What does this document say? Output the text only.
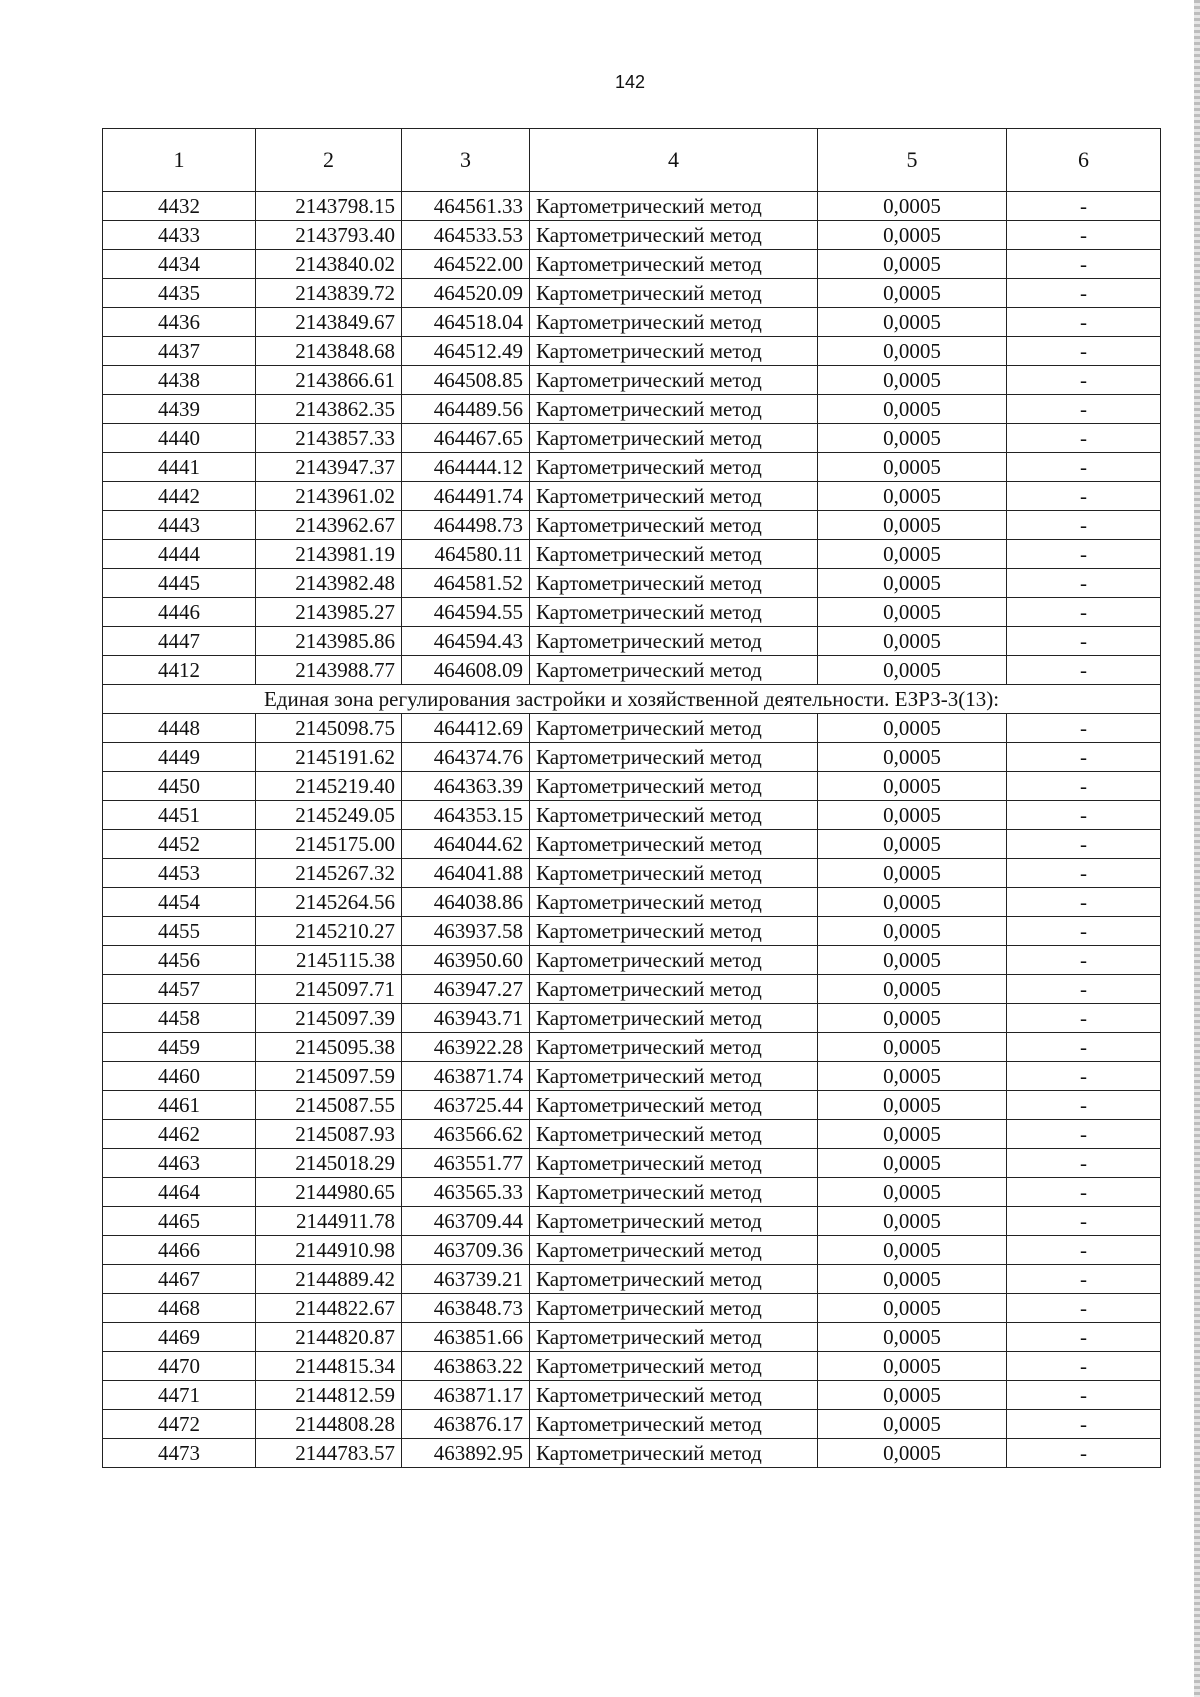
142
1	2	3	4	5	6
4432	2143798.15	464561.33	Картометрический метод	0,0005	-
4433	2143793.40	464533.53	Картометрический метод	0,0005	-
4434	2143840.02	464522.00	Картометрический метод	0,0005	-
4435	2143839.72	464520.09	Картометрический метод	0,0005	-
4436	2143849.67	464518.04	Картометрический метод	0,0005	-
4437	2143848.68	464512.49	Картометрический метод	0,0005	-
4438	2143866.61	464508.85	Картометрический метод	0,0005	-
4439	2143862.35	464489.56	Картометрический метод	0,0005	-
4440	2143857.33	464467.65	Картометрический метод	0,0005	-
4441	2143947.37	464444.12	Картометрический метод	0,0005	-
4442	2143961.02	464491.74	Картометрический метод	0,0005	-
4443	2143962.67	464498.73	Картометрический метод	0,0005	-
4444	2143981.19	464580.11	Картометрический метод	0,0005	-
4445	2143982.48	464581.52	Картометрический метод	0,0005	-
4446	2143985.27	464594.55	Картометрический метод	0,0005	-
4447	2143985.86	464594.43	Картометрический метод	0,0005	-
4412	2143988.77	464608.09	Картометрический метод	0,0005	-
Единая зона регулирования застройки и хозяйственной деятельности. ЕЗРЗ-3(13):					
4448	2145098.75	464412.69	Картометрический метод	0,0005	-
4449	2145191.62	464374.76	Картометрический метод	0,0005	-
4450	2145219.40	464363.39	Картометрический метод	0,0005	-
4451	2145249.05	464353.15	Картометрический метод	0,0005	-
4452	2145175.00	464044.62	Картометрический метод	0,0005	-
4453	2145267.32	464041.88	Картометрический метод	0,0005	-
4454	2145264.56	464038.86	Картометрический метод	0,0005	-
4455	2145210.27	463937.58	Картометрический метод	0,0005	-
4456	2145115.38	463950.60	Картометрический метод	0,0005	-
4457	2145097.71	463947.27	Картометрический метод	0,0005	-
4458	2145097.39	463943.71	Картометрический метод	0,0005	-
4459	2145095.38	463922.28	Картометрический метод	0,0005	-
4460	2145097.59	463871.74	Картометрический метод	0,0005	-
4461	2145087.55	463725.44	Картометрический метод	0,0005	-
4462	2145087.93	463566.62	Картометрический метод	0,0005	-
4463	2145018.29	463551.77	Картометрический метод	0,0005	-
4464	2144980.65	463565.33	Картометрический метод	0,0005	-
4465	2144911.78	463709.44	Картометрический метод	0,0005	-
4466	2144910.98	463709.36	Картометрический метод	0,0005	-
4467	2144889.42	463739.21	Картометрический метод	0,0005	-
4468	2144822.67	463848.73	Картометрический метод	0,0005	-
4469	2144820.87	463851.66	Картометрический метод	0,0005	-
4470	2144815.34	463863.22	Картометрический метод	0,0005	-
4471	2144812.59	463871.17	Картометрический метод	0,0005	-
4472	2144808.28	463876.17	Картометрический метод	0,0005	-
4473	2144783.57	463892.95	Картометрический метод	0,0005	-
